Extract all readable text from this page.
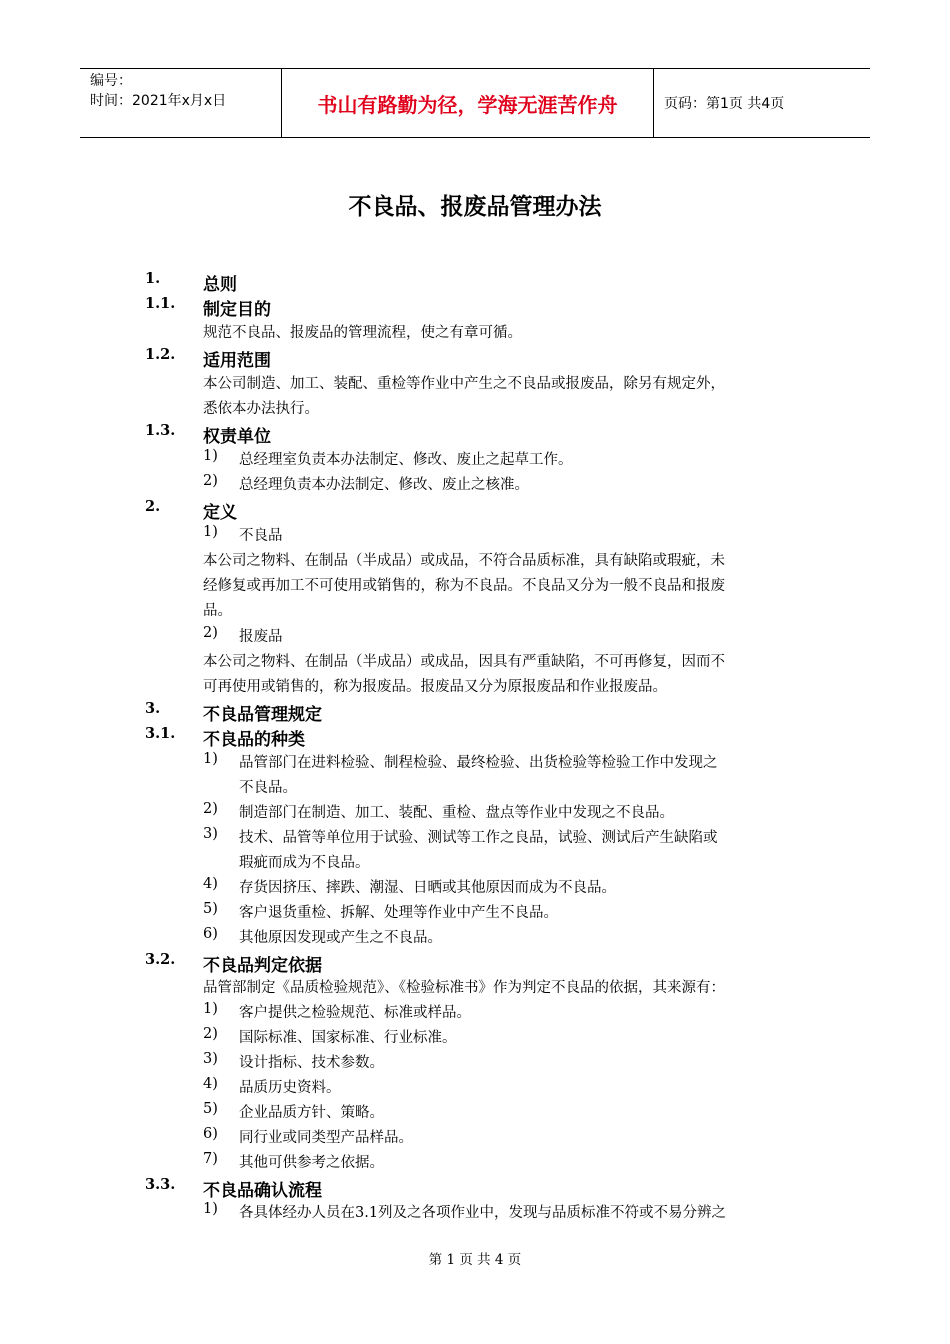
编号：
时间：2021年x月x日	书山有路勤为径，学海无涯苦作舟	页码：第1页 共4页
不良品、报废品管理办法
1.	总则
1.1. 制定目的
规范不良品、报废品的管理流程，使之有章可循。
1.2. 适用范围
本公司制造、加工、装配、重检等作业中产生之不良品或报废品，除另有规定外，
悉依本办法执行。
1.3. 权责单位
1) 总经理室负责本办法制定、修改、废止之起草工作。
2) 总经理负责本办法制定、修改、废止之核准。
2.	定义
1) 不良品
本公司之物料、在制品（半成品）或成品，不符合品质标准，具有缺陷或瑕疵，未
经修复或再加工不可使用或销售的，称为不良品。不良品又分为一般不良品和报废
品。
2) 报废品
本公司之物料、在制品（半成品）或成品，因具有严重缺陷，不可再修复，因而不
可再使用或销售的，称为报废品。报废品又分为原报废品和作业报废品。
3.	不良品管理规定
3.1. 不良品的种类
1) 品管部门在进料检验、制程检验、最终检验、出货检验等检验工作中发现之
不良品。
2) 制造部门在制造、加工、装配、重检、盘点等作业中发现之不良品。
3) 技术、品管等单位用于试验、测试等工作之良品，试验、测试后产生缺陷或
瑕疵而成为不良品。
4) 存货因挤压、摔跌、潮湿、日晒或其他原因而成为不良品。
5) 客户退货重检、拆解、处理等作业中产生不良品。
6) 其他原因发现或产生之不良品。
3.2. 不良品判定依据
品管部制定《品质检验规范》、《检验标准书》作为判定不良品的依据，其来源有：
1) 客户提供之检验规范、标准或样品。
2) 国际标准、国家标准、行业标准。
3) 设计指标、技术参数。
4) 品质历史资料。
5) 企业品质方针、策略。
6) 同行业或同类型产品样品。
7) 其他可供参考之依据。
3.3. 不良品确认流程
1) 各具体经办人员在3.1列及之各项作业中，发现与品质标准不符或不易分辨之
第 1 页 共 4 页
